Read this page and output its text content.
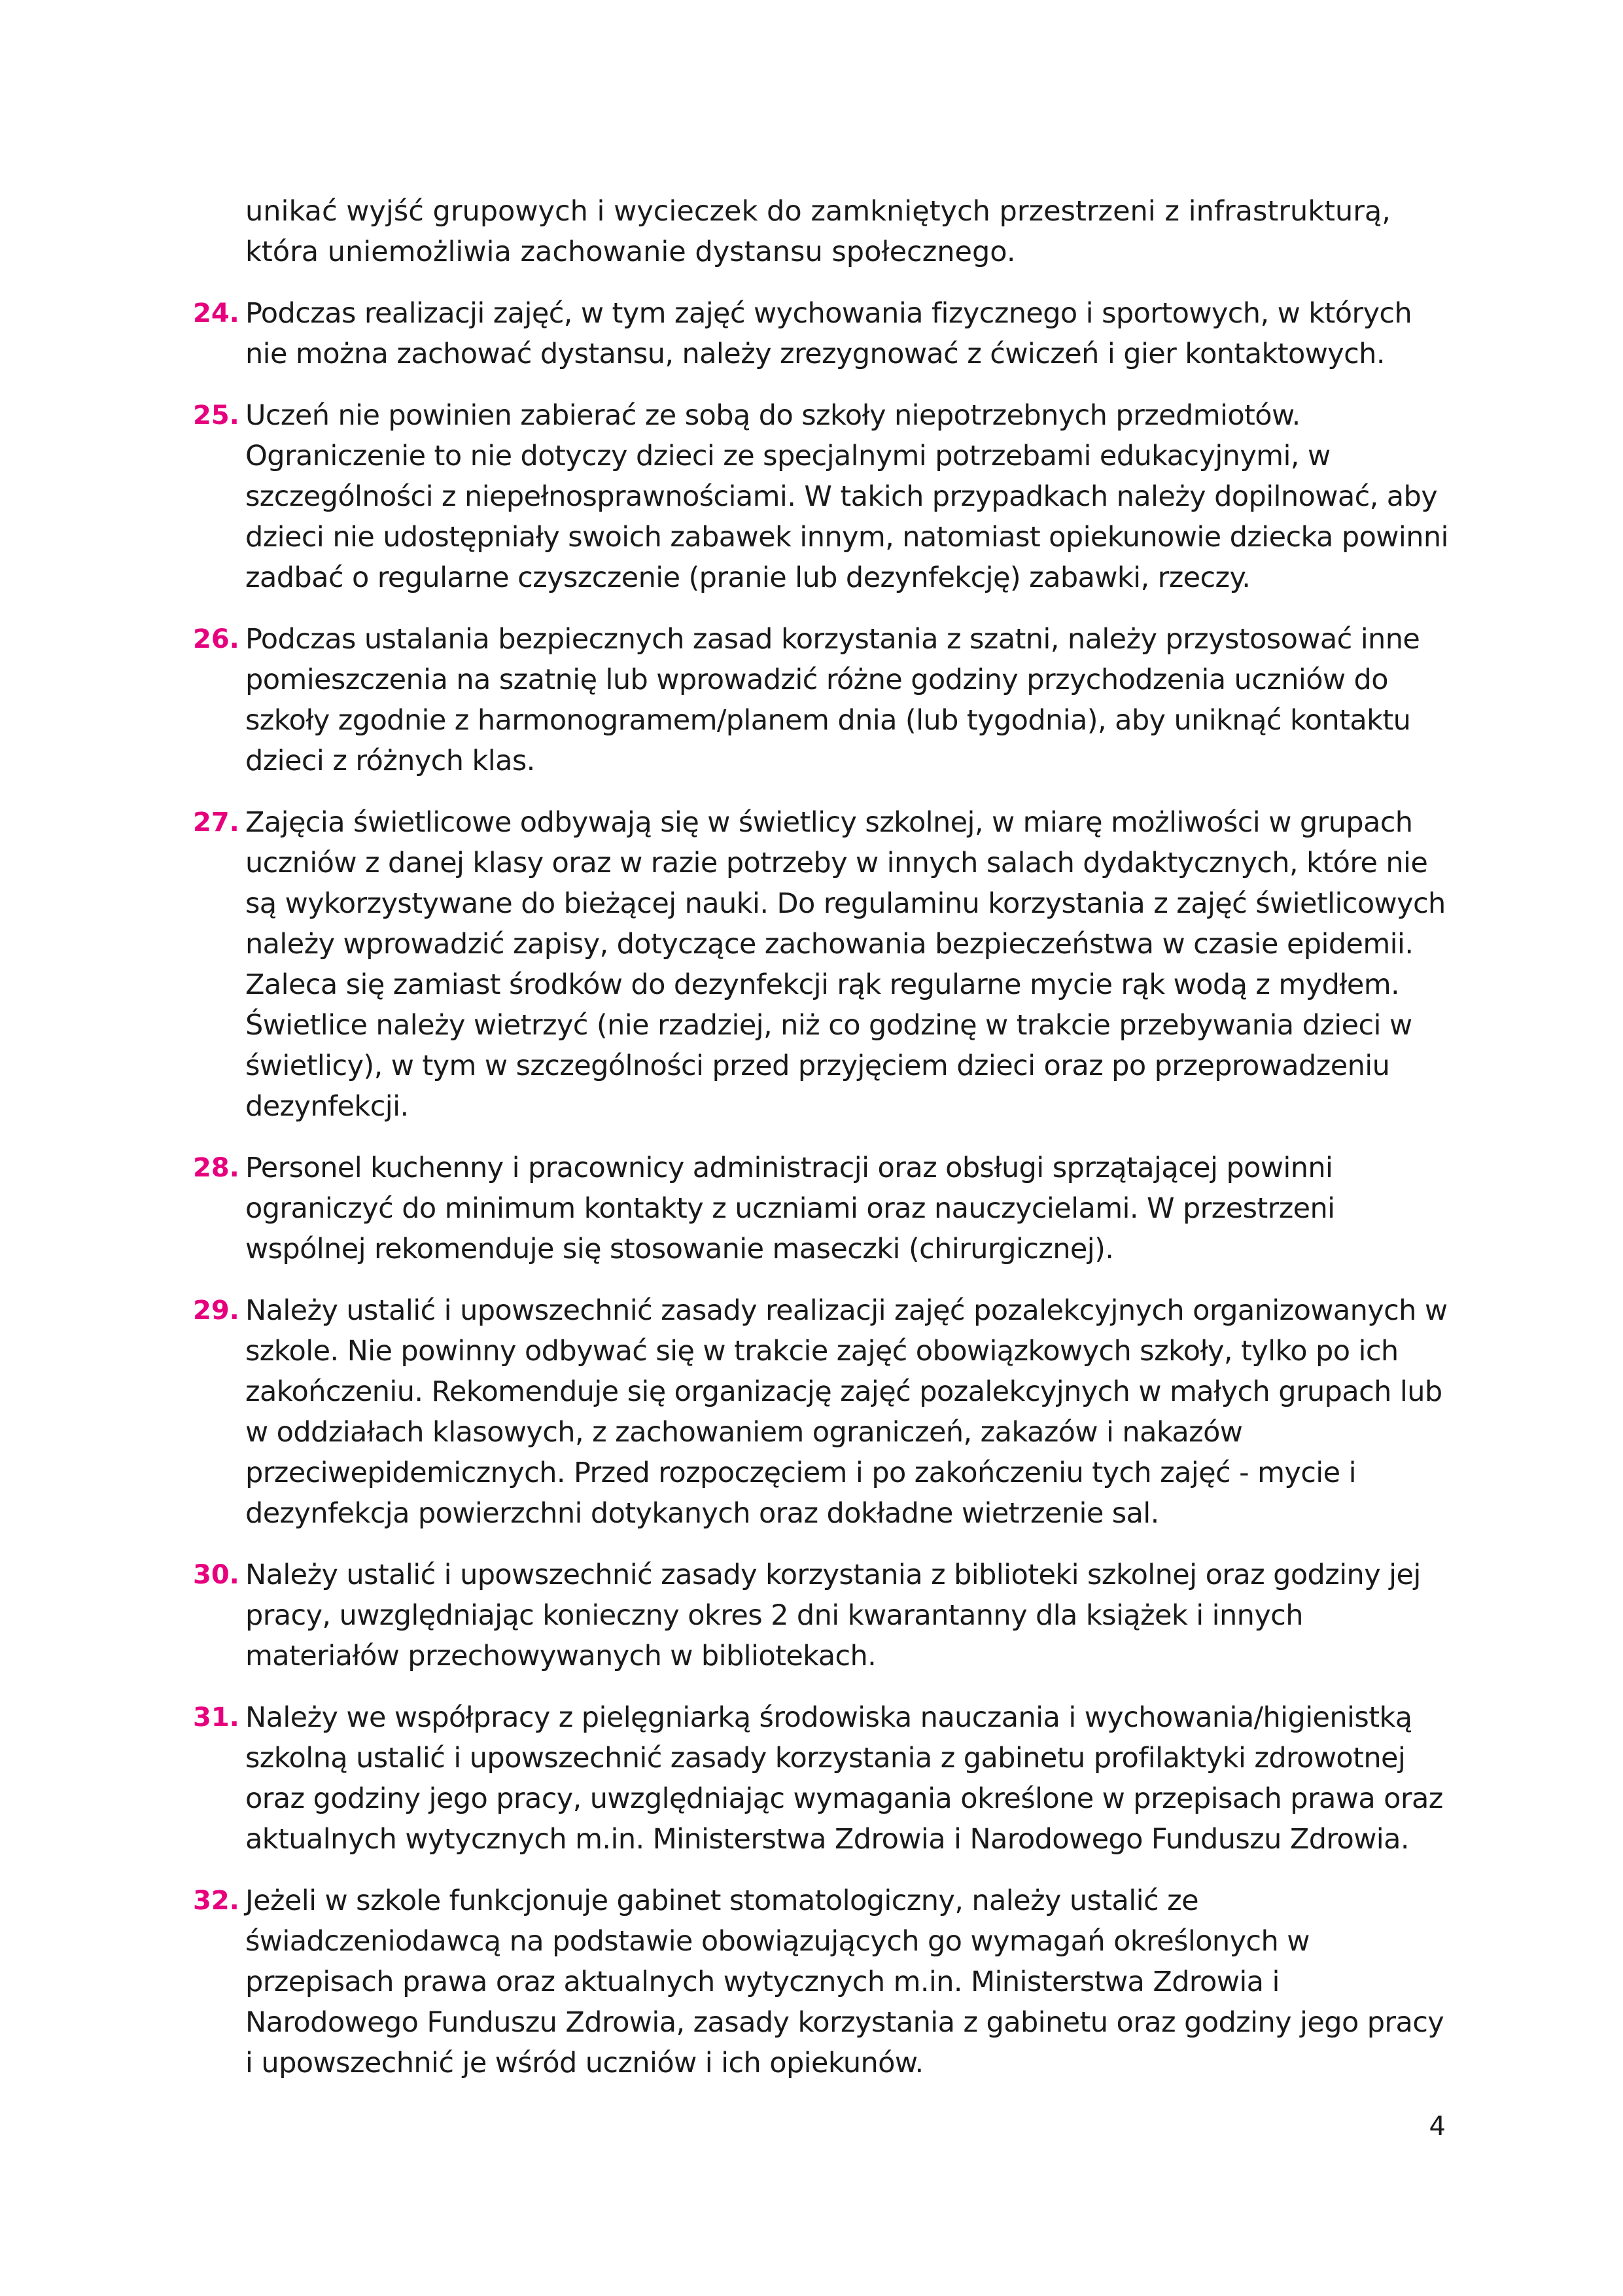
unikać wyjść grupowych i wycieczek do zamkniętych przestrzeni z infrastrukturą, która uniemożliwia zachowanie dystansu społecznego.
24. Podczas realizacji zajęć, w tym zajęć wychowania fizycznego i sportowych, w których nie można zachować dystansu, należy zrezygnować z ćwiczeń i gier kontaktowych.
25. Uczeń nie powinien zabierać ze sobą do szkoły niepotrzebnych przedmiotów. Ograniczenie to nie dotyczy dzieci ze specjalnymi potrzebami edukacyjnymi, w szczególności z niepełnosprawnościami. W takich przypadkach należy dopilnować, aby dzieci nie udostępniały swoich zabawek innym, natomiast opiekunowie dziecka powinni zadbać o regularne czyszczenie (pranie lub dezynfekcję) zabawki, rzeczy.
26. Podczas ustalania bezpiecznych zasad korzystania z szatni, należy przystosować inne pomieszczenia na szatnię lub wprowadzić różne godziny przychodzenia uczniów do szkoły zgodnie z harmonogramem/planem dnia (lub tygodnia), aby uniknąć kontaktu dzieci z różnych klas.
27. Zajęcia świetlicowe odbywają się w świetlicy szkolnej, w miarę możliwości w grupach uczniów z danej klasy oraz w razie potrzeby w innych salach dydaktycznych, które nie są wykorzystywane do bieżącej nauki. Do regulaminu korzystania z zajęć świetlicowych należy wprowadzić zapisy, dotyczące zachowania bezpieczeństwa w czasie epidemii. Zaleca się zamiast środków do dezynfekcji rąk regularne mycie rąk wodą z mydłem. Świetlice należy wietrzyć (nie rzadziej, niż co godzinę w trakcie przebywania dzieci w świetlicy), w tym w szczególności przed przyjęciem dzieci oraz po przeprowadzeniu dezynfekcji.
28. Personel kuchenny i pracownicy administracji oraz obsługi sprzątającej powinni ograniczyć do minimum kontakty z uczniami oraz nauczycielami. W przestrzeni wspólnej rekomenduje się stosowanie maseczki (chirurgicznej).
29. Należy ustalić i upowszechnić zasady realizacji zajęć pozalekcyjnych organizowanych w szkole. Nie powinny odbywać się w trakcie zajęć obowiązkowych szkoły, tylko po ich zakończeniu. Rekomenduje się organizację zajęć pozalekcyjnych w małych grupach lub w oddziałach klasowych, z zachowaniem ograniczeń, zakazów i nakazów przeciwepidemicznych. Przed rozpoczęciem i po zakończeniu tych zajęć - mycie i dezynfekcja powierzchni dotykanych oraz dokładne wietrzenie sal.
30. Należy ustalić i upowszechnić zasady korzystania z biblioteki szkolnej oraz godziny jej pracy, uwzględniając konieczny okres 2 dni kwarantanny dla książek i innych materiałów przechowywanych w bibliotekach.
31. Należy we współpracy z pielęgniarką środowiska nauczania i wychowania/higienistką szkolną ustalić i upowszechnić zasady korzystania z gabinetu profilaktyki zdrowotnej oraz godziny jego pracy, uwzględniając wymagania określone w przepisach prawa oraz aktualnych wytycznych m.in. Ministerstwa Zdrowia i Narodowego Funduszu Zdrowia.
32. Jeżeli w szkole funkcjonuje gabinet stomatologiczny, należy ustalić ze świadczeniodawcą na podstawie obowiązujących go wymagań określonych w przepisach prawa oraz aktualnych wytycznych m.in. Ministerstwa Zdrowia i Narodowego Funduszu Zdrowia, zasady korzystania z gabinetu oraz godziny jego pracy i upowszechnić je wśród uczniów i ich opiekunów.
4
